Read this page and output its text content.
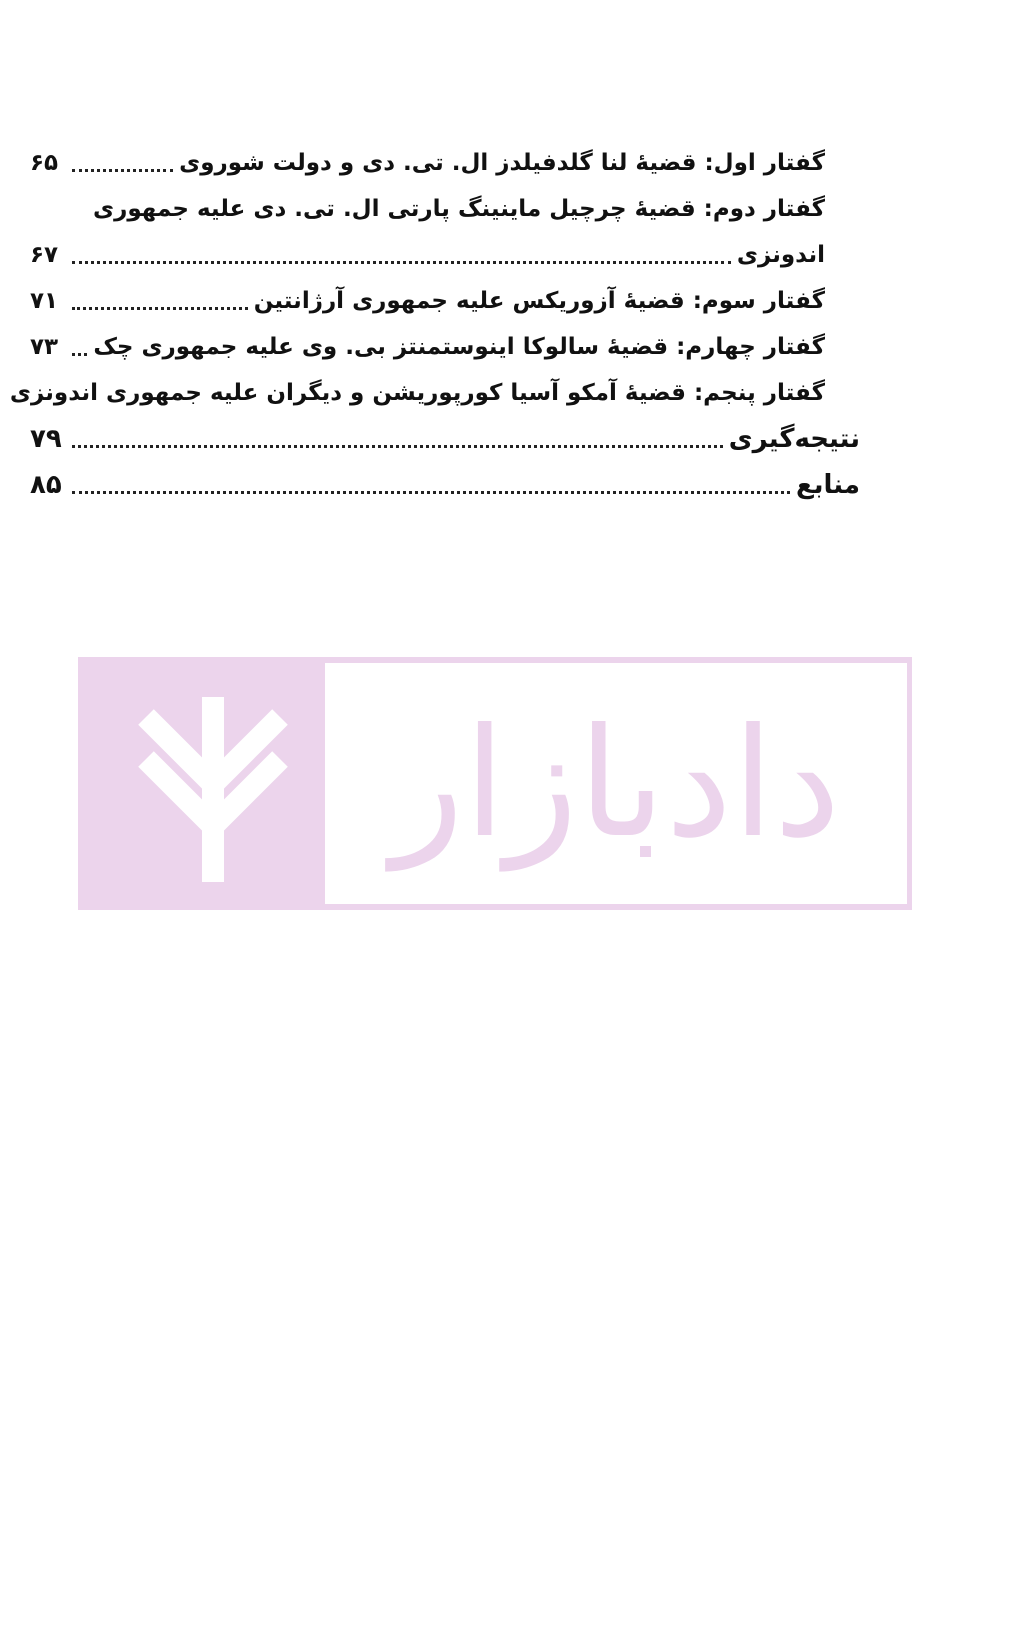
گفتار اول: قضیۀ لنا گلدفیلدز ال. تی. دی و دولت شوروی
۶۵
گفتار دوم: قضیۀ چرچیل ماینینگ پارتی ال. تی. دی علیه جمهوری
اندونزی
۶۷
گفتار سوم: قضیۀ آزوریکس علیه جمهوری آرژانتین
۷۱
گفتار چهارم: قضیۀ سالوکا اینوستمنتز بی. وی علیه جمهوری چک
۷۳
گفتار پنجم: قضیۀ آمکو آسیا کورپوریشن و دیگران علیه جمهوری اندونزی
نتیجه‌گیری
۷۹
منابع
۸۵
دادبازار
